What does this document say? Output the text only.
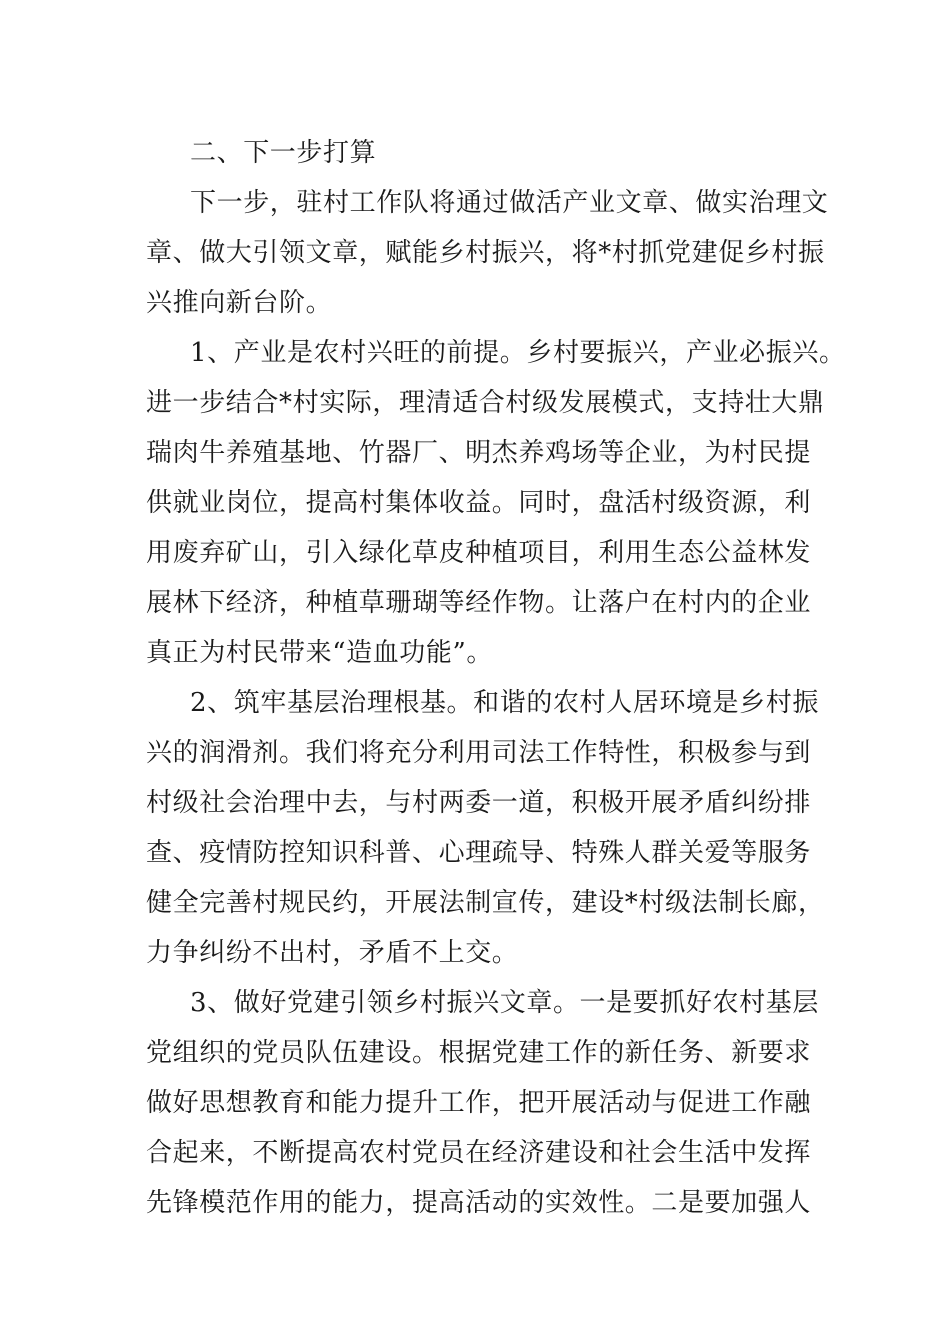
二、下一步打算
下一步，驻村工作队将通过做活产业文章、做实治理文
章、做大引领文章，赋能乡村振兴，将*村抓党建促乡村振
兴推向新台阶。
1、产业是农村兴旺的前提。乡村要振兴，产业必振兴。
进一步结合*村实际，理清适合村级发展模式，支持壮大鼎
瑞肉牛养殖基地、竹器厂、明杰养鸡场等企业，为村民提
供就业岗位，提高村集体收益。同时，盘活村级资源，利
用废弃矿山，引入绿化草皮种植项目，利用生态公益林发
展林下经济，种植草珊瑚等经作物。让落户在村内的企业
真正为村民带来“造血功能”。
2、筑牢基层治理根基。和谐的农村人居环境是乡村振
兴的润滑剂。我们将充分利用司法工作特性，积极参与到
村级社会治理中去，与村两委一道，积极开展矛盾纠纷排
查、疫情防控知识科普、心理疏导、特殊人群关爱等服务
健全完善村规民约，开展法制宣传，建设*村级法制长廊，
力争纠纷不出村，矛盾不上交。
3、做好党建引领乡村振兴文章。一是要抓好农村基层
党组织的党员队伍建设。根据党建工作的新任务、新要求
做好思想教育和能力提升工作，把开展活动与促进工作融
合起来，不断提高农村党员在经济建设和社会生活中发挥
先锋模范作用的能力，提高活动的实效性。二是要加强人
